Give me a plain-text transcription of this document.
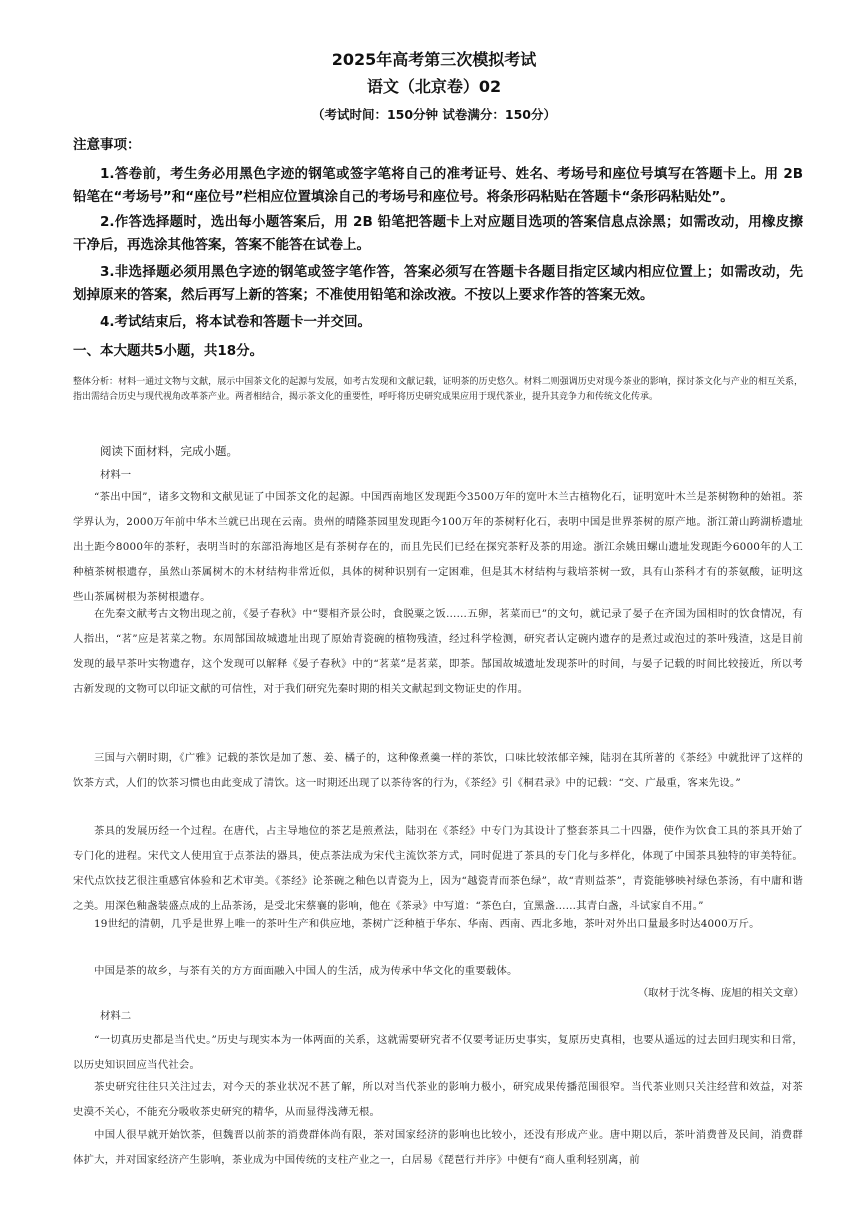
2025年高考第三次模拟考试
语文（北京卷）02
（考试时间：150分钟 试卷满分：150分）
注意事项：
1.答卷前，考生务必用黑色字迹的钢笔或签字笔将自己的准考证号、姓名、考场号和座位号填写在答题卡上。用 2B 铅笔在“考场号”和“座位号”栏相应位置填涂自己的考场号和座位号。将条形码粘贴在答题卡“条形码粘贴处”。
2.作答选择题时，选出每小题答案后，用 2B 铅笔把答题卡上对应题目选项的答案信息点涂黑；如需改动，用橡皮擦干净后，再选涂其他答案，答案不能答在试卷上。
3.非选择题必须用黑色字迹的钢笔或签字笔作答，答案必须写在答题卡各题目指定区域内相应位置上；如需改动，先划掉原来的答案，然后再写上新的答案；不准使用铅笔和涂改液。不按以上要求作答的答案无效。
4.考试结束后，将本试卷和答题卡一并交回。
一、本大题共5小题，共18分。
整体分析：材料一通过文物与文献，展示中国茶文化的起源与发展，如考古发现和文献记载，证明茶的历史悠久。材料二则强调历史对现今茶业的影响，探讨茶文化与产业的相互关系，指出需结合历史与现代视角改革茶产业。两者相结合，揭示茶文化的重要性，呼吁将历史研究成果应用于现代茶业，提升其竞争力和传统文化传承。
阅读下面材料，完成小题。
材料一
“茶出中国”，诸多文物和文献见证了中国茶文化的起源。中国西南地区发现距今3500万年的宽叶木兰古植物化石，证明宽叶木兰是茶树物种的始祖。茶学界认为，2000万年前中华木兰就已出现在云南。贵州的晴隆茶园里发现距今100万年的茶树籽化石，表明中国是世界茶树的原产地。浙江萧山跨湖桥遗址出土距今8000年的茶籽，表明当时的东部沿海地区是有茶树存在的，而且先民们已经在探究茶籽及茶的用途。浙江余姚田螺山遗址发现距今6000年的人工种植茶树根遗存，虽然山茶属树木的木材结构非常近似，具体的树种识别有一定困难，但是其木材结构与栽培茶树一致，具有山茶科才有的茶氨酸，证明这些山茶属树根为茶树根遗存。
在先秦文献考古文物出现之前，《晏子春秋》中“婴相齐景公时，食脱粟之饭……五卵，茗菜而已”的文句，就记录了晏子在齐国为国相时的饮食情况，有人指出，“茗”应是茗菜之物。东周郜国故城遗址出现了原始青瓷碗的植物残渣，经过科学检测，研究者认定碗内遗存的是煮过或泡过的茶叶残渣，这是目前发现的最早茶叶实物遗存，这个发现可以解释《晏子春秋》中的“茗菜”是茗菜，即茶。郜国故城遗址发现茶叶的时间，与晏子记载的时间比较接近，所以考古新发现的文物可以印证文献的可信性，对于我们研究先秦时期的相关文献起到文物证史的作用。
三国与六朝时期，《广雅》记载的茶饮是加了葱、姜、橘子的，这种像煮羹一样的茶饮，口味比较浓郁辛辣，陆羽在其所著的《茶经》中就批评了这样的饮茶方式，人们的饮茶习惯也由此变成了清饮。这一时期还出现了以茶待客的行为，《茶经》引《桐君录》中的记载：“交、广最重，客来先设。”
茶具的发展历经一个过程。在唐代，占主导地位的茶艺是煎煮法，陆羽在《茶经》中专门为其设计了整套茶具二十四器，使作为饮食工具的茶具开始了专门化的进程。宋代文人使用宜于点茶法的器具，使点茶法成为宋代主流饮茶方式，同时促进了茶具的专门化与多样化，体现了中国茶具独特的审美特征。宋代点饮技艺很注重感官体验和艺术审美。《茶经》论茶碗之釉色以青瓷为上，因为“越瓷青而茶色绿”，故“青则益茶”，青瓷能够映衬绿色茶汤，有中庸和谐之美。用深色釉盏装盛点成的上品茶汤，是受北宋蔡襄的影响，他在《茶录》中写道：“茶色白，宜黑盏……其青白盏，斗试家自不用。”
19世纪的清朝，几乎是世界上唯一的茶叶生产和供应地，茶树广泛种植于华东、华南、西南、西北多地，茶叶对外出口量最多时达4000万斤。
中国是茶的故乡，与茶有关的方方面面融入中国人的生活，成为传承中华文化的重要载体。
（取材于沈冬梅、庞旭的相关文章）
材料二
“一切真历史都是当代史。”历史与现实本为一体两面的关系，这就需要研究者不仅要考证历史事实，复原历史真相，也要从遥远的过去回归现实和日常，以历史知识回应当代社会。
茶史研究往往只关注过去，对今天的茶业状况不甚了解，所以对当代茶业的影响力极小，研究成果传播范围很窄。当代茶业则只关注经营和效益，对茶史漠不关心，不能充分吸收茶史研究的精华，从而显得浅薄无根。
中国人很早就开始饮茶，但魏晋以前茶的消费群体尚有限，茶对国家经济的影响也比较小，还没有形成产业。唐中期以后，茶叶消费普及民间，消费群体扩大，并对国家经济产生影响，茶业成为中国传统的支柱产业之一，白居易《琵琶行并序》中便有“商人重利轻别离，前
